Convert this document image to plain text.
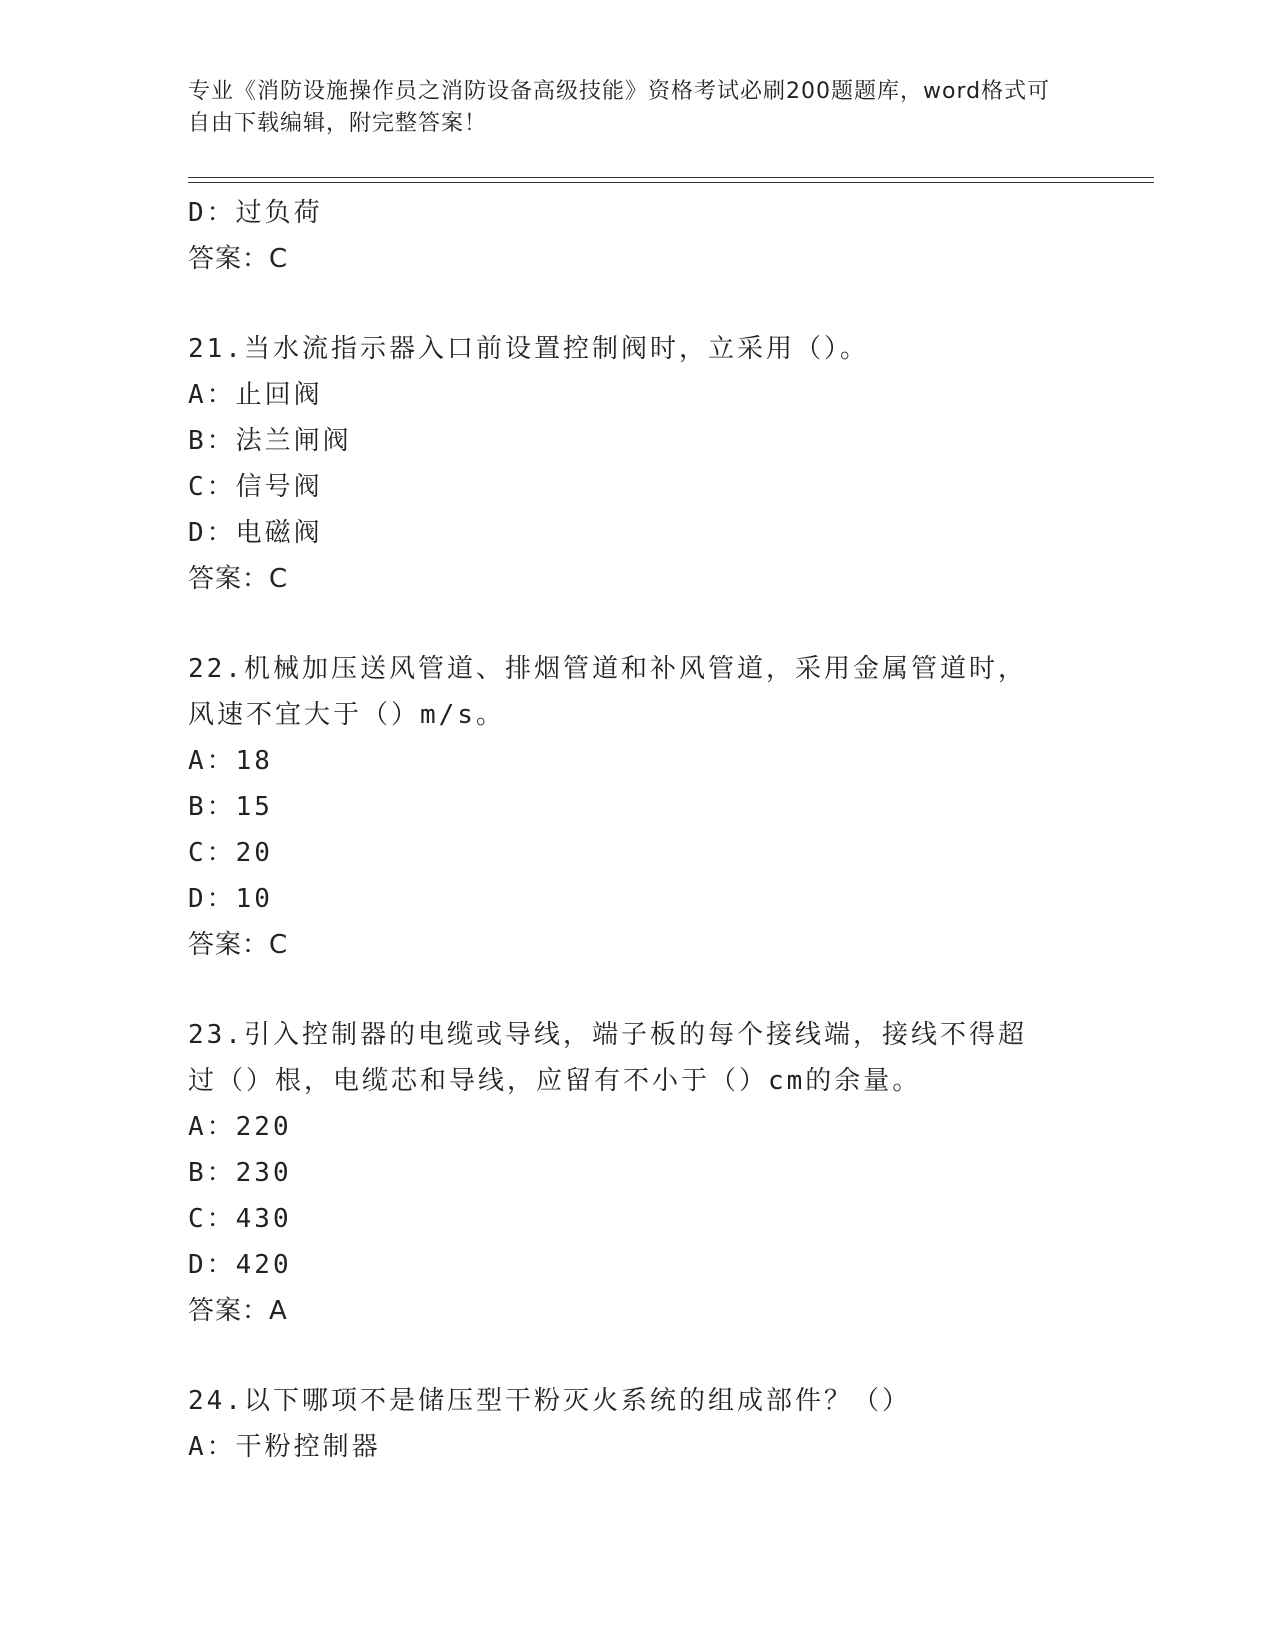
专业《消防设施操作员之消防设备高级技能》资格考试必刷200题题库，word格式可自由下载编辑，附完整答案！
D：过负荷
答案：C
21.当水流指示器入口前设置控制阀时，立采用（）。
A：止回阀
B：法兰闸阀
C：信号阀
D：电磁阀
答案：C
22.机械加压送风管道、排烟管道和补风管道，采用金属管道时，风速不宜大于（）m/s。
A：18
B：15
C：20
D：10
答案：C
23.引入控制器的电缆或导线，端子板的每个接线端，接线不得超过（）根，电缆芯和导线，应留有不小于（）cm的余量。
A：220
B：230
C：430
D：420
答案：A
24.以下哪项不是储压型干粉灭火系统的组成部件？（）
A：干粉控制器
